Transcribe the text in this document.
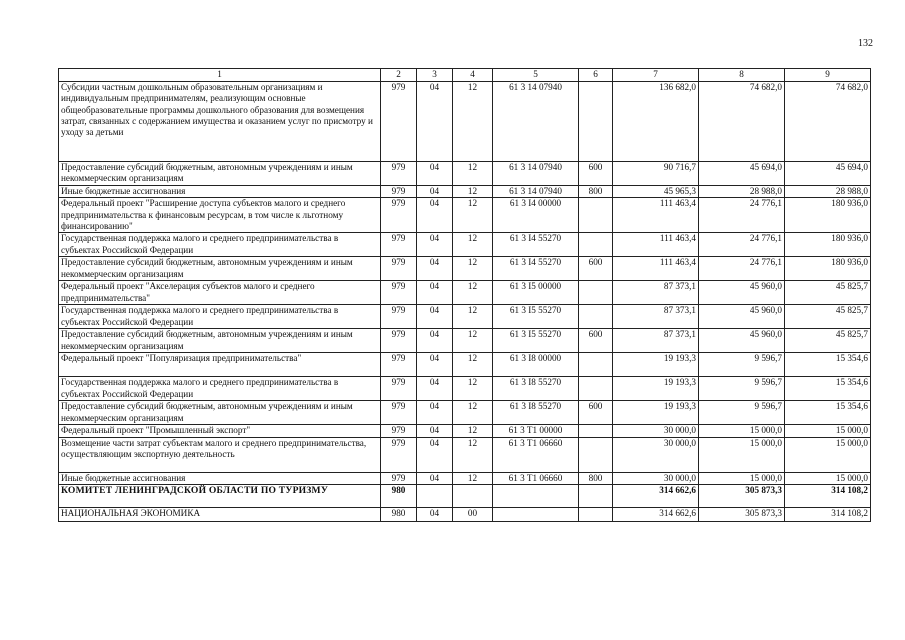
132
1	2	3	4	5	6	7	8	9
Субсидии частным дошкольным образовательным организациям и индивидуальным предпринимателям, реализующим основные общеобразовательные программы дошкольного образования для возмещения затрат, связанных с содержанием имущества и оказанием услуг по присмотру и уходу за детьми	979	04	12	61 3 14 07940		136 682,0	74 682,0	74 682,0
Предоставление субсидий бюджетным, автономным учреждениям и иным некоммерческим организациям	979	04	12	61 3 14 07940	600	90 716,7	45 694,0	45 694,0
Иные бюджетные ассигнования	979	04	12	61 3 14 07940	800	45 965,3	28 988,0	28 988,0
Федеральный проект "Расширение доступа субъектов малого и среднего предпринимательства к финансовым ресурсам, в том числе к льготному финансированию"	979	04	12	61 3 I4 00000		111 463,4	24 776,1	180 936,0
Государственная поддержка малого и среднего предпринимательства в субъектах Российской Федерации	979	04	12	61 3 I4 55270		111 463,4	24 776,1	180 936,0
Предоставление субсидий бюджетным, автономным учреждениям и иным некоммерческим организациям	979	04	12	61 3 I4 55270	600	111 463,4	24 776,1	180 936,0
Федеральный проект "Акселерация субъектов малого и среднего предпринимательства"	979	04	12	61 3 I5 00000		87 373,1	45 960,0	45 825,7
Государственная поддержка малого и среднего предпринимательства в субъектах Российской Федерации	979	04	12	61 3 I5 55270		87 373,1	45 960,0	45 825,7
Предоставление субсидий бюджетным, автономным учреждениям и иным некоммерческим организациям	979	04	12	61 3 I5 55270	600	87 373,1	45 960,0	45 825,7
Федеральный проект "Популяризация предпринимательства"	979	04	12	61 3 I8 00000		19 193,3	9 596,7	15 354,6
Государственная поддержка малого и среднего предпринимательства в субъектах Российской Федерации	979	04	12	61 3 I8 55270		19 193,3	9 596,7	15 354,6
Предоставление субсидий бюджетным, автономным учреждениям и иным некоммерческим организациям	979	04	12	61 3 I8 55270	600	19 193,3	9 596,7	15 354,6
Федеральный проект "Промышленный экспорт"	979	04	12	61 3 T1 00000		30 000,0	15 000,0	15 000,0
Возмещение части затрат субъектам малого и среднего предпринимательства, осуществляющим экспортную деятельность	979	04	12	61 3 T1 06660		30 000,0	15 000,0	15 000,0
Иные бюджетные ассигнования	979	04	12	61 3 T1 06660	800	30 000,0	15 000,0	15 000,0
КОМИТЕТ ЛЕНИНГРАДСКОЙ ОБЛАСТИ ПО ТУРИЗМУ	980					314 662,6	305 873,3	314 108,2
НАЦИОНАЛЬНАЯ ЭКОНОМИКА	980	04	00			314 662,6	305 873,3	314 108,2
